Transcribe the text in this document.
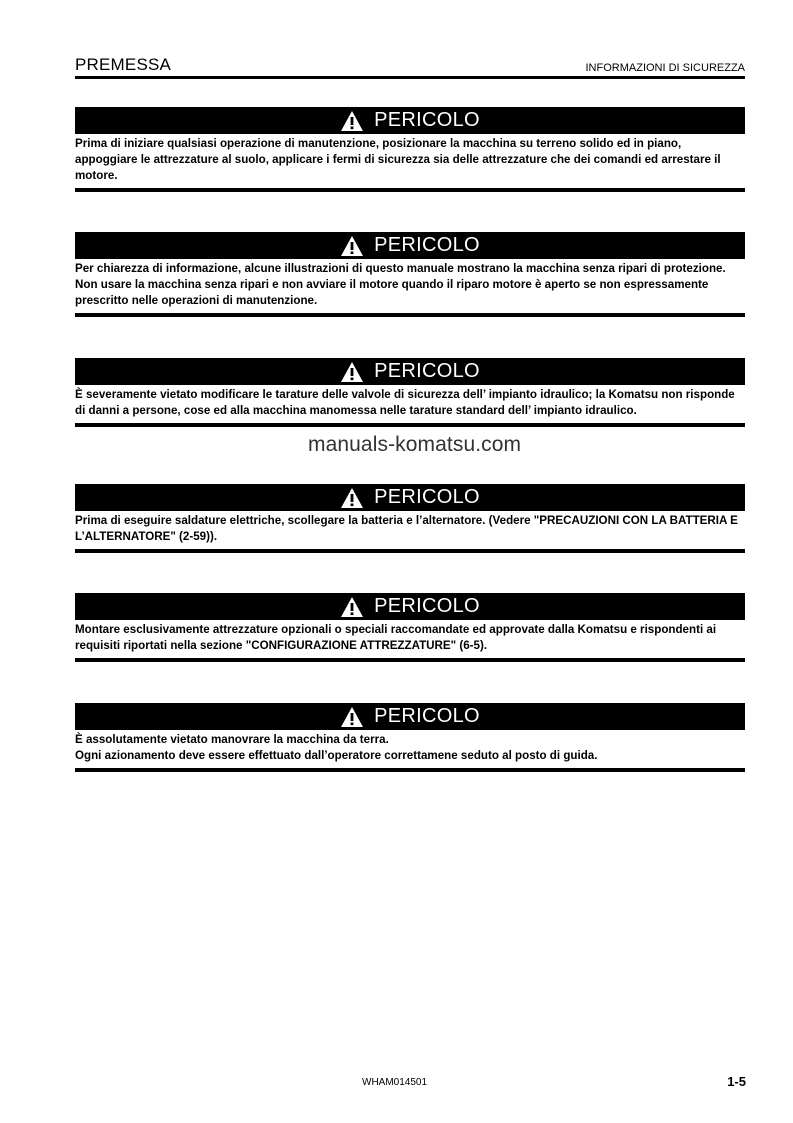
PREMESSA	INFORMAZIONI DI SICUREZZA
PERICOLO

Prima di iniziare qualsiasi operazione di manutenzione, posizionare la macchina su terreno solido ed in piano, appoggiare le attrezzature al suolo, applicare i fermi di sicurezza sia delle attrezzature che dei comandi ed arrestare il motore.

PERICOLO

Per chiarezza di informazione, alcune illustrazioni di questo manuale mostrano la macchina senza ripari di protezione. Non usare la macchina senza ripari e non avviare il motore quando il riparo motore è aperto se non espressamente prescritto nelle operazioni di manutenzione.

PERICOLO

È severamente vietato modificare le tarature delle valvole di sicurezza dell’ impianto idraulico; la Komatsu non risponde di danni a persone, cose ed alla macchina manomessa nelle tarature standard dell’ impianto idraulico.

manuals-komatsu.com
PERICOLO

Prima di eseguire saldature elettriche, scollegare la batteria e l’alternatore. (Vedere "PRECAUZIONI CON LA BATTERIA E L’ALTERNATORE" (2-59)).

PERICOLO

Montare esclusivamente attrezzature opzionali o speciali raccomandate ed approvate dalla Komatsu e rispondenti ai requisiti riportati nella sezione "CONFIGURAZIONE ATTREZZATURE" (6-5).

PERICOLO

È assolutamente vietato manovrare la macchina da terra.

Ogni azionamento deve essere effettuato dall’operatore correttamene seduto al posto di guida.

WHAM014501	1-5
